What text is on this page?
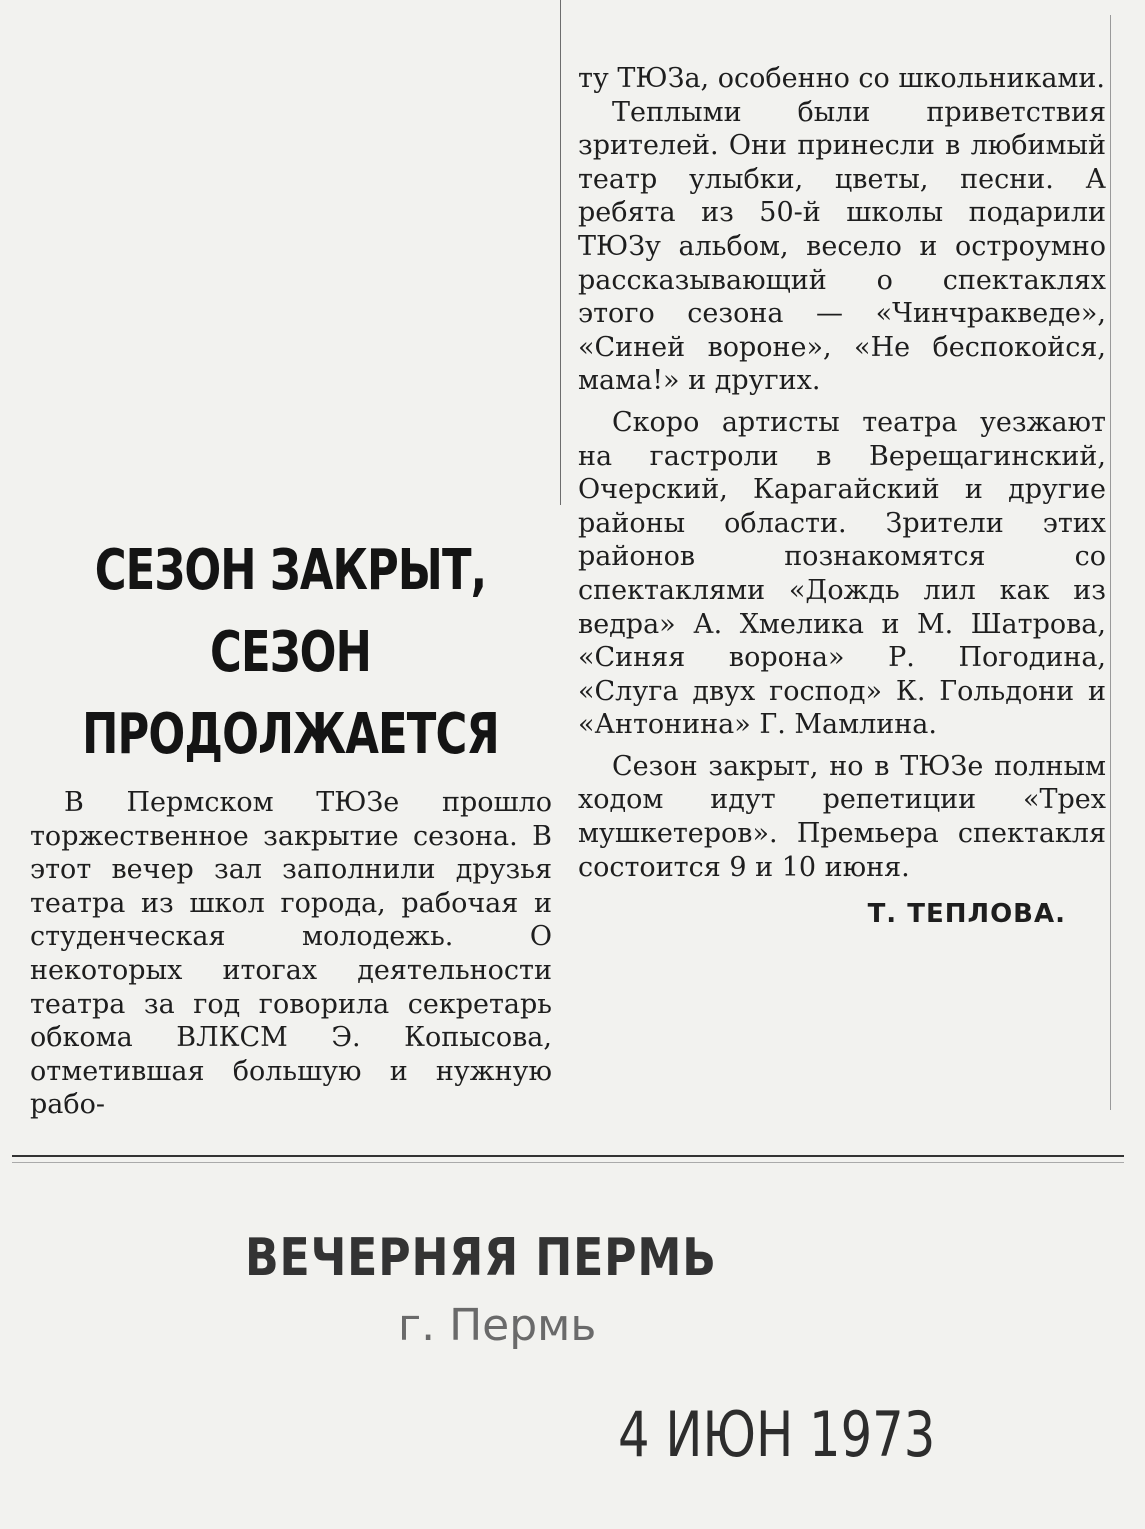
СЕЗОН ЗАКРЫТ,
СЕЗОН
ПРОДОЛЖАЕТСЯ

В Пермском ТЮЗе прошло торжественное закрытие сезона. В этот вечер зал заполнили друзья театра из школ города, рабочая и студенческая молодежь. О некоторых итогах деятельности театра за год говорила секретарь обкома ВЛКСМ Э. Копысова, отметившая большую и нужную рабо-

ту ТЮЗа, особенно со школьниками.

Теплыми были приветствия зрителей. Они принесли в любимый театр улыбки, цветы, песни. А ребята из 50-й школы подарили ТЮЗу альбом, весело и остроумно рассказывающий о спектаклях этого сезона — «Чинчракведе», «Синей вороне», «Не беспокойся, мама!» и других.

Скоро артисты театра уезжают на гастроли в Верещагинский, Очерский, Карагайский и другие районы области. Зрители этих районов познакомятся со спектаклями «Дождь лил как из ведра» А. Хмелика и М. Шатрова, «Синяя ворона» Р. Погодина, «Слуга двух господ» К. Гольдони и «Антонина» Г. Мамлина.

Сезон закрыт, но в ТЮЗе полным ходом идут репетиции «Трех мушкетеров». Премьера спектакля состоится 9 и 10 июня.

Т. ТЕПЛОВА.

ВЕЧЕРНЯЯ ПЕРМЬ
г. Пермь
4 ИЮН 1973
